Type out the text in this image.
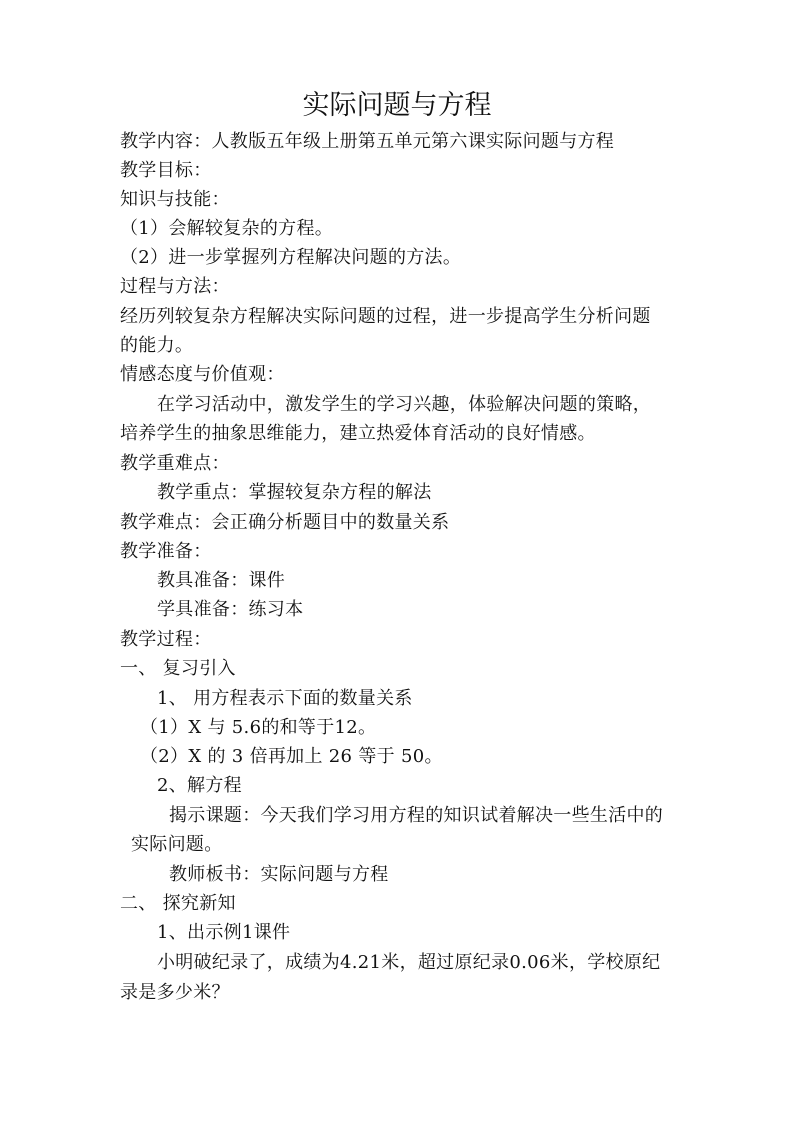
实际问题与方程
教学内容：人教版五年级上册第五单元第六课实际问题与方程
教学目标：
知识与技能：
（1）会解较复杂的方程。
（2）进一步掌握列方程解决问题的方法。
过程与方法：
经历列较复杂方程解决实际问题的过程，进一步提高学生分析问题
的能力。
情感态度与价值观：
在学习活动中，激发学生的学习兴趣，体验解决问题的策略，
培养学生的抽象思维能力，建立热爱体育活动的良好情感。
教学重难点：
教学重点：掌握较复杂方程的解法
教学难点：会正确分析题目中的数量关系
教学准备：
教具准备：课件
学具准备：练习本
教学过程：
一、 复习引入
1、 用方程表示下面的数量关系
（1）X 与 5.6的和等于12。
（2）X 的 3 倍再加上 26 等于 50。
2、解方程
揭示课题：今天我们学习用方程的知识试着解决一些生活中的
实际问题。
教师板书：实际问题与方程
二、 探究新知
1、出示例1课件
小明破纪录了，成绩为4.21米，超过原纪录0.06米，学校原纪
录是多少米？
